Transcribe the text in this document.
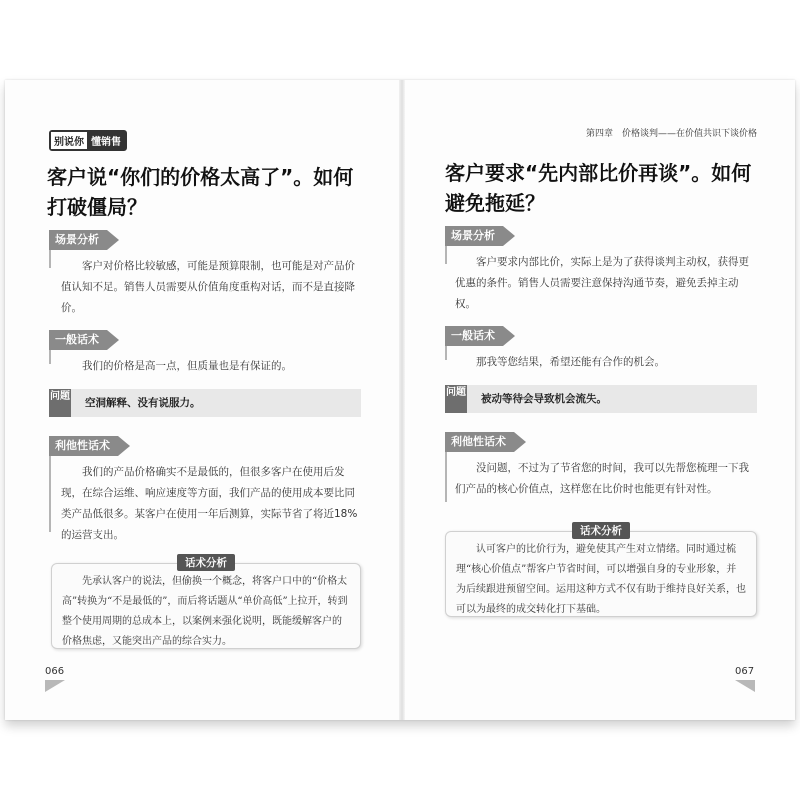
别说你 懂销售
客户说“你们的价格太高了”。如何打破僵局？
场景分析

客户对价格比较敏感，可能是预算限制，也可能是对产品价值认知不足。销售人员需要从价值角度重构对话，而不是直接降价。

一般话术

我们的价格是高一点，但质量也是有保证的。

问题
空洞解释、没有说服力。
利他性话术

我们的产品价格确实不是最低的，但很多客户在使用后发现，在综合运维、响应速度等方面，我们产品的使用成本要比同类产品低很多。某客户在使用一年后测算，实际节省了将近18%的运营支出。

话术分析

先承认客户的说法，但偷换一个概念，将客户口中的“价格太高”转换为“不是最低的”，而后将话题从“单价高低”上拉开，转到整个使用周期的总成本上，以案例来强化说明，既能缓解客户的价格焦虑，又能突出产品的综合实力。

066
第四章　价格谈判——在价值共识下谈价格
客户要求“先内部比价再谈”。如何避免拖延？
场景分析

客户要求内部比价，实际上是为了获得谈判主动权，获得更优惠的条件。销售人员需要注意保持沟通节奏，避免丢掉主动权。

一般话术

那我等您结果，希望还能有合作的机会。

问题
被动等待会导致机会流失。
利他性话术

没问题，不过为了节省您的时间，我可以先帮您梳理一下我们产品的核心价值点，这样您在比价时也能更有针对性。

话术分析

认可客户的比价行为，避免使其产生对立情绪。同时通过梳理“核心价值点”帮客户节省时间，可以增强自身的专业形象，并为后续跟进预留空间。运用这种方式不仅有助于维持良好关系，也可以为最终的成交转化打下基础。

067
